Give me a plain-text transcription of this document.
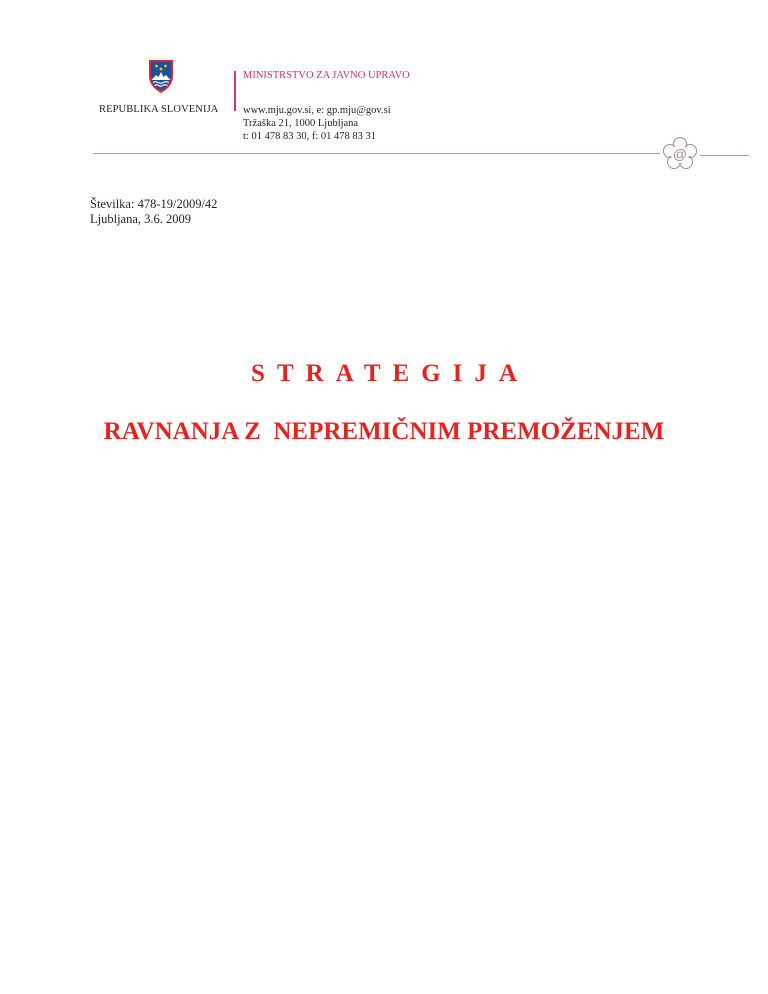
REPUBLIKA SLOVENIJA
MINISTRSTVO ZA JAVNO UPRAVO
www.mju.gov.si, e: gp.mju@gov.si
Tržaška 21, 1000 Ljubljana
t: 01 478 83 30, f: 01 478 83 31
@
Številka: 478-19/2009/42
Ljubljana, 3.6. 2009
STRATEGIJA
RAVNANJA Z  NEPREMIČNIM PREMOŽENJEM
